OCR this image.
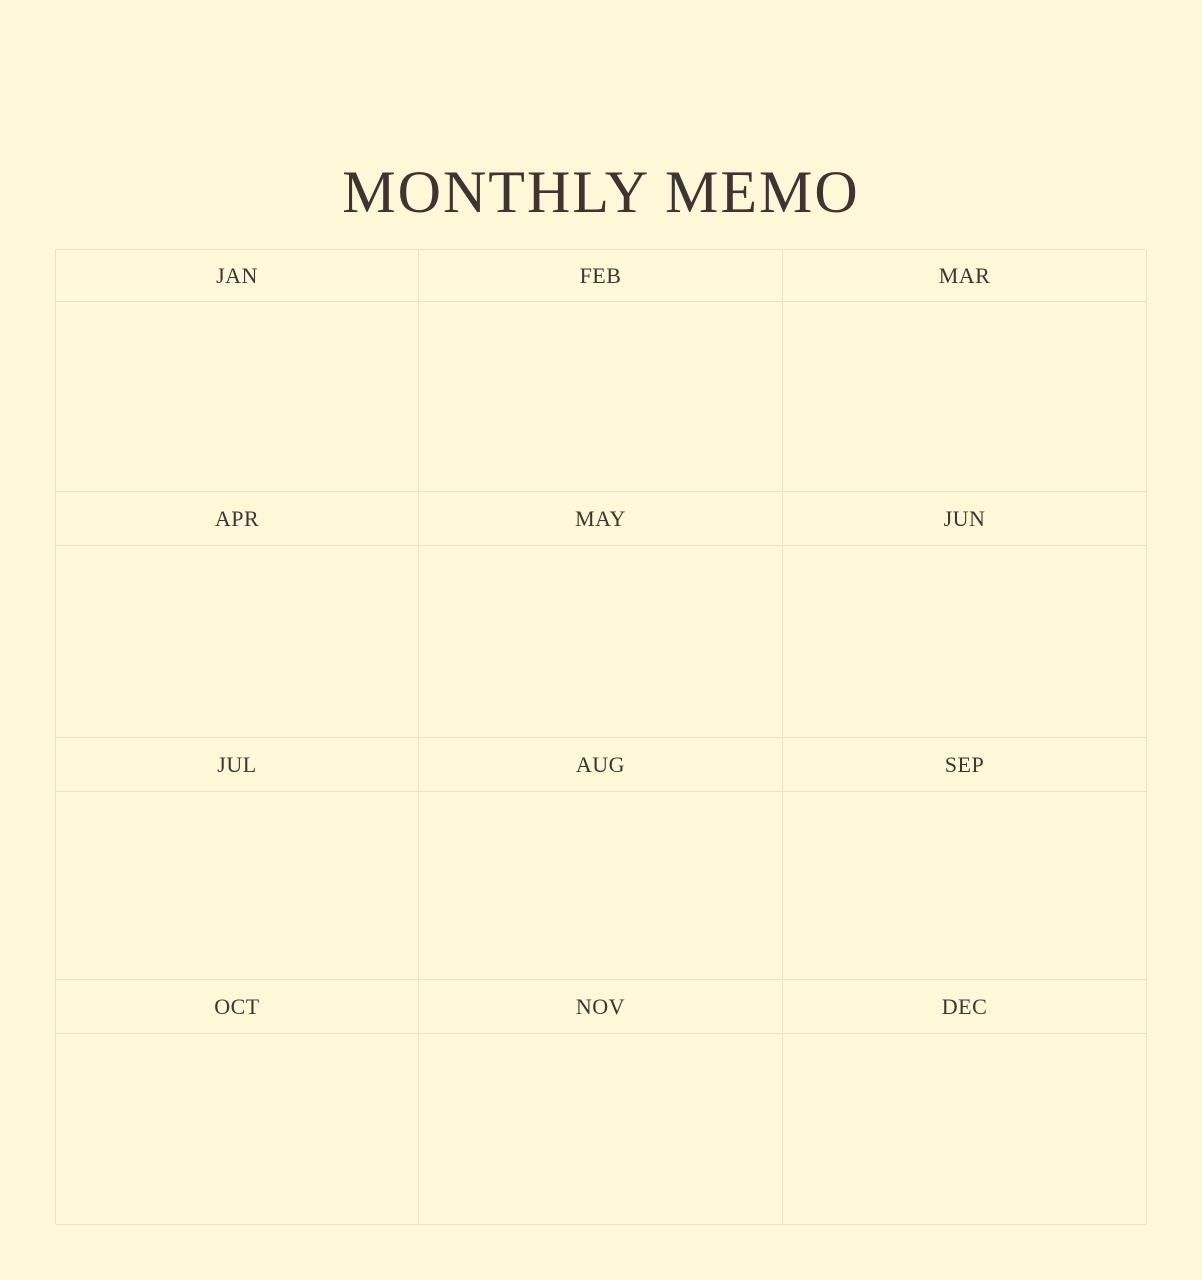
MONTHLY MEMO
JAN	FEB	MAR
APR	MAY	JUN
JUL	AUG	SEP
OCT	NOV	DEC
